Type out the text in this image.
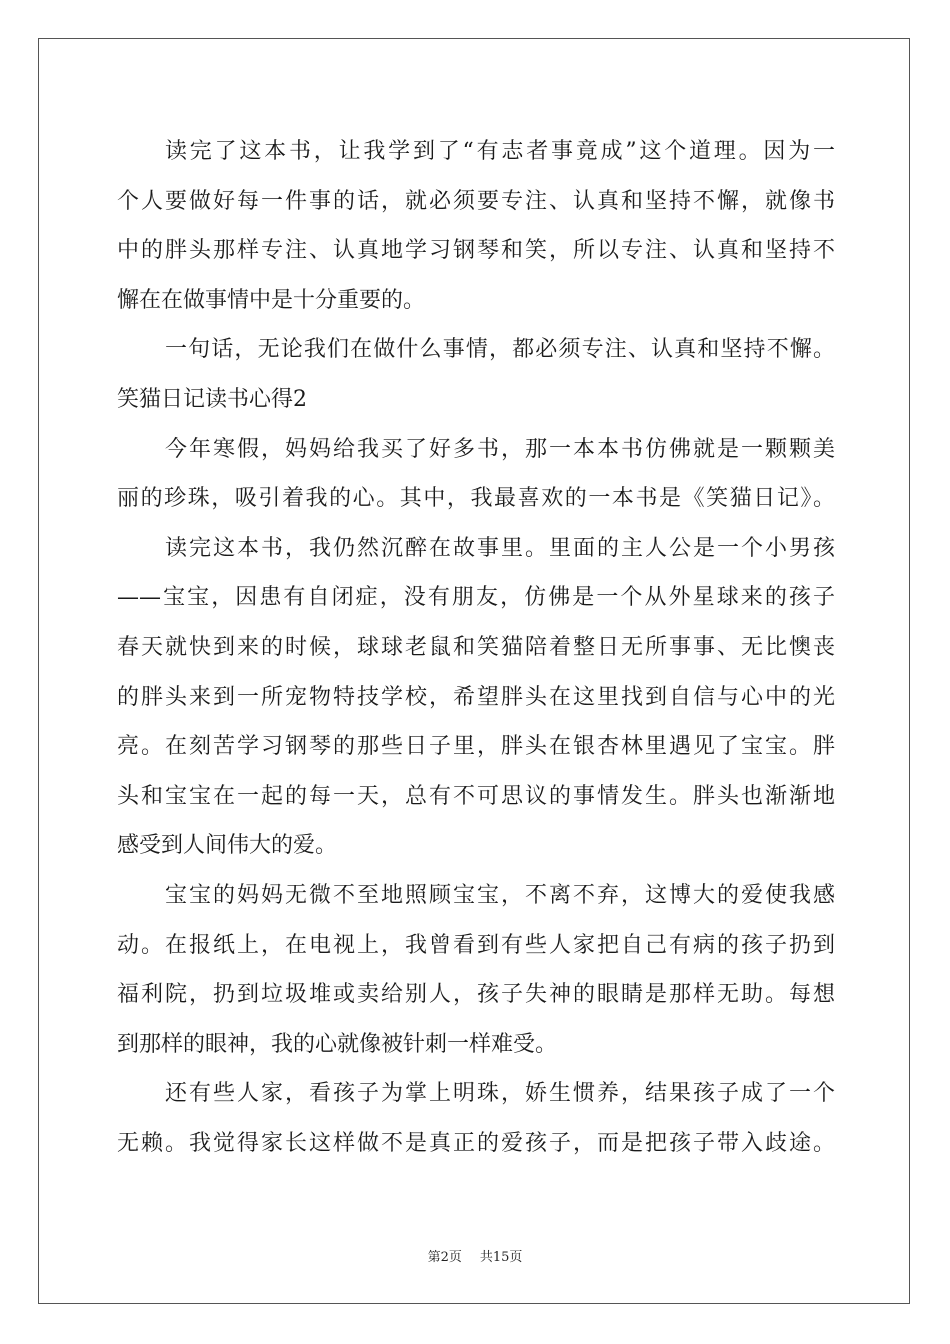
读完了这本书，让我学到了“有志者事竟成”这个道理。因为一
个人要做好每一件事的话，就必须要专注、认真和坚持不懈，就像书
中的胖头那样专注、认真地学习钢琴和笑，所以专注、认真和坚持不
懈在在做事情中是十分重要的。
一句话，无论我们在做什么事情，都必须专注、认真和坚持不懈。
笑猫日记读书心得2
今年寒假，妈妈给我买了好多书，那一本本书仿佛就是一颗颗美
丽的珍珠，吸引着我的心。其中，我最喜欢的一本书是《笑猫日记》。
读完这本书，我仍然沉醉在故事里。里面的主人公是一个小男孩
——宝宝，因患有自闭症，没有朋友，仿佛是一个从外星球来的孩子
春天就快到来的时候，球球老鼠和笑猫陪着整日无所事事、无比懊丧
的胖头来到一所宠物特技学校，希望胖头在这里找到自信与心中的光
亮。在刻苦学习钢琴的那些日子里，胖头在银杏林里遇见了宝宝。胖
头和宝宝在一起的每一天，总有不可思议的事情发生。胖头也渐渐地
感受到人间伟大的爱。
宝宝的妈妈无微不至地照顾宝宝，不离不弃，这博大的爱使我感
动。在报纸上，在电视上，我曾看到有些人家把自己有病的孩子扔到
福利院，扔到垃圾堆或卖给别人，孩子失神的眼睛是那样无助。每想
到那样的眼神，我的心就像被针刺一样难受。
还有些人家，看孩子为掌上明珠，娇生惯养，结果孩子成了一个
无赖。我觉得家长这样做不是真正的爱孩子，而是把孩子带入歧途。
第2页 共15页
